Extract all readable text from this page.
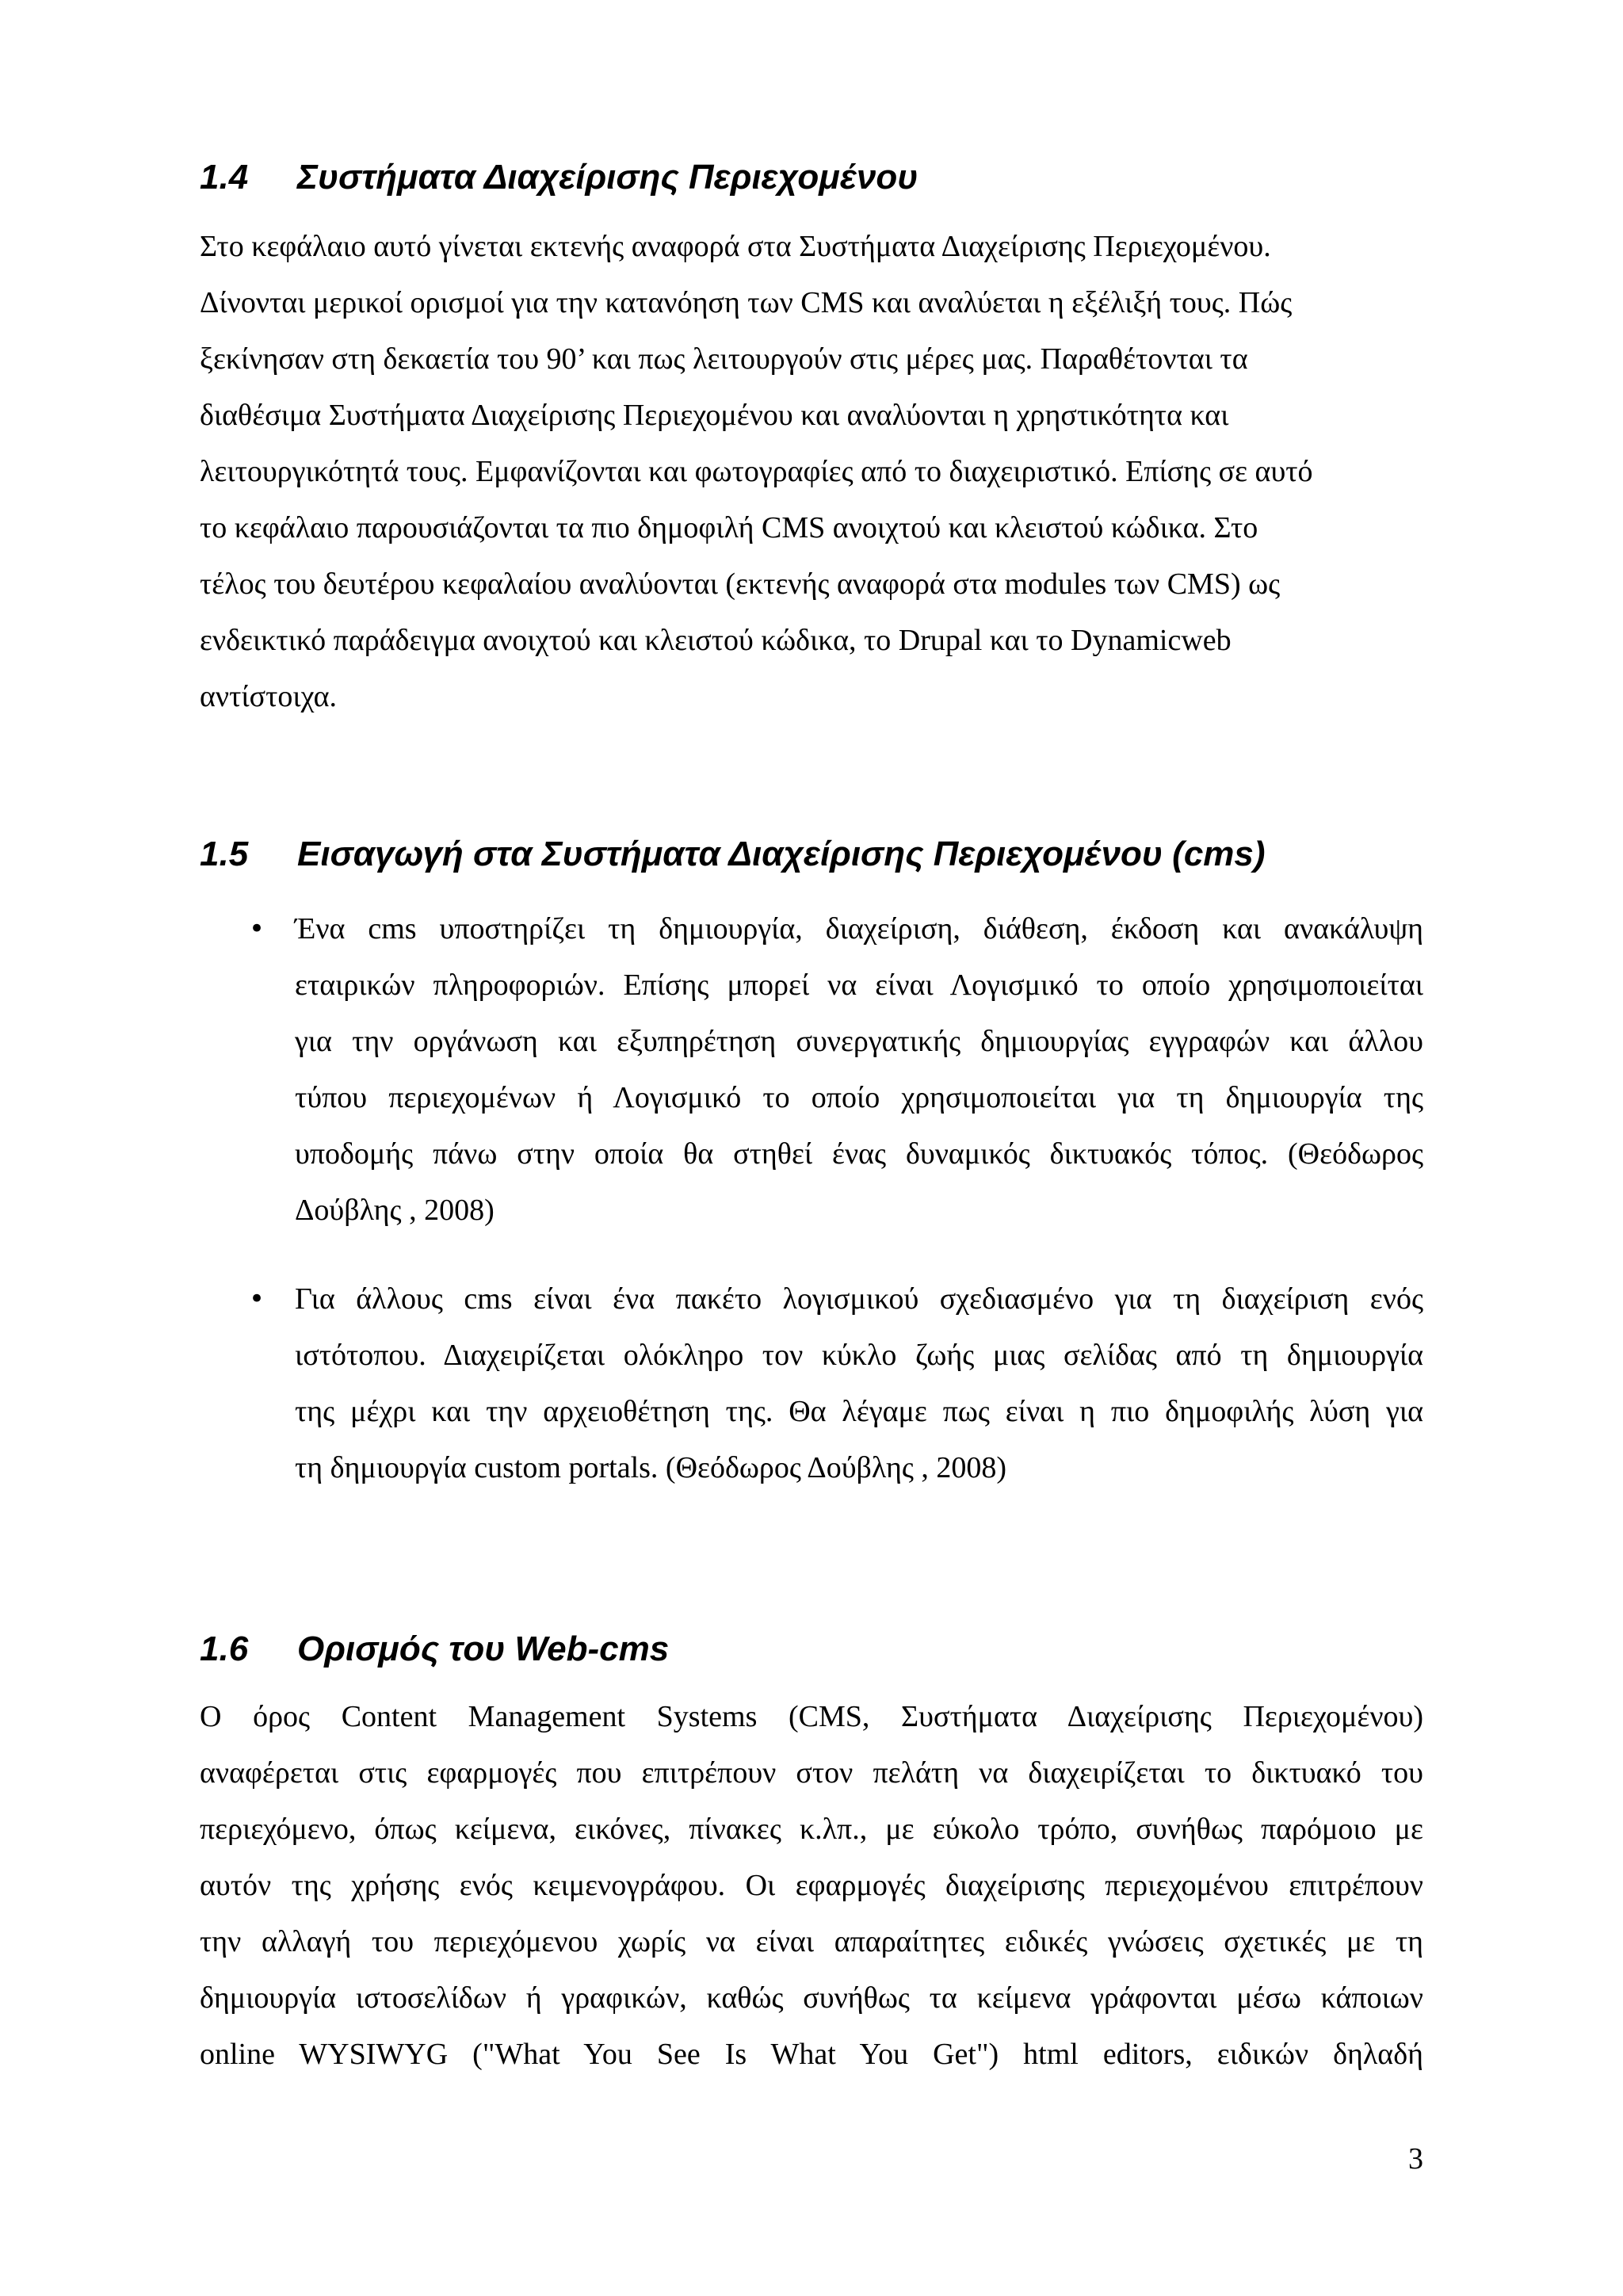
1.4 Συστήματα Διαχείρισης Περιεχομένου
Στο κεφάλαιο αυτό γίνεται εκτενής αναφορά στα Συστήματα Διαχείρισης Περιεχομένου.
Δίνονται μερικοί ορισμοί για την κατανόηση των CMS και αναλύεται η εξέλιξή τους. Πώς
ξεκίνησαν στη δεκαετία του 90’ και πως λειτουργούν στις μέρες μας. Παραθέτονται τα
διαθέσιμα Συστήματα Διαχείρισης Περιεχομένου και αναλύονται η χρηστικότητα και
λειτουργικότητά τους. Εμφανίζονται και φωτογραφίες από το διαχειριστικό. Επίσης σε αυτό
το κεφάλαιο παρουσιάζονται τα πιο δημοφιλή CMS ανοιχτού και κλειστού κώδικα. Στο
τέλος του δευτέρου κεφαλαίου αναλύονται (εκτενής αναφορά στα modules των CMS) ως
ενδεικτικό παράδειγμα ανοιχτού και κλειστού κώδικα, το Drupal και το Dynamicweb
αντίστοιχα.
1.5 Εισαγωγή στα Συστήματα Διαχείρισης Περιεχομένου (cms)
• Ένα cms υποστηρίζει τη δημιουργία, διαχείριση, διάθεση, έκδοση και ανακάλυψη
εταιρικών πληροφοριών. Επίσης μπορεί να είναι Λογισμικό το οποίο χρησιμοποιείται
για την οργάνωση και εξυπηρέτηση συνεργατικής δημιουργίας εγγραφών και άλλου
τύπου περιεχομένων ή Λογισμικό το οποίο χρησιμοποιείται για τη δημιουργία της
υποδομής πάνω στην οποία θα στηθεί ένας δυναμικός δικτυακός τόπος. (Θεόδωρος
Δούβλης , 2008)
• Για άλλους cms είναι ένα πακέτο λογισμικού σχεδιασμένο για τη διαχείριση ενός
ιστότοπου. Διαχειρίζεται ολόκληρο τον κύκλο ζωής μιας σελίδας από τη δημιουργία
της μέχρι και την αρχειοθέτηση της. Θα λέγαμε πως είναι η πιο δημοφιλής λύση για
τη δημιουργία custom portals. (Θεόδωρος Δούβλης , 2008)
1.6 Ορισμός του Web-cms
Ο όρος Content Management Systems (CMS, Συστήματα Διαχείρισης Περιεχομένου)
αναφέρεται στις εφαρμογές που επιτρέπουν στον πελάτη να διαχειρίζεται το δικτυακό του
περιεχόμενο, όπως κείμενα, εικόνες, πίνακες κ.λπ., με εύκολο τρόπο, συνήθως παρόμοιο με
αυτόν της χρήσης ενός κειμενογράφου. Οι εφαρμογές διαχείρισης περιεχομένου επιτρέπουν
την αλλαγή του περιεχόμενου χωρίς να είναι απαραίτητες ειδικές γνώσεις σχετικές με τη
δημιουργία ιστοσελίδων ή γραφικών, καθώς συνήθως τα κείμενα γράφονται μέσω κάποιων
online WYSIWYG ("What You See Is What You Get") html editors, ειδικών δηλαδή
3
